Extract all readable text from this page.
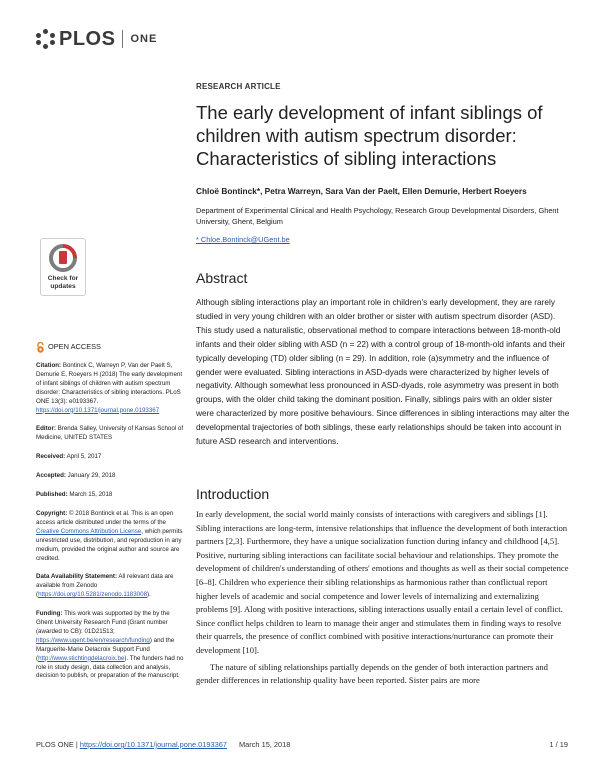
PLOS ONE
Check for
updates
RESEARCH ARTICLE
The early development of infant siblings of children with autism spectrum disorder: Characteristics of sibling interactions
Chloë Bontinck*, Petra Warreyn, Sara Van der Paelt, Ellen Demurie, Herbert Roeyers
Department of Experimental Clinical and Health Psychology, Research Group Developmental Disorders, Ghent University, Ghent, Belgium
* Chloe.Bontinck@UGent.be
Abstract
Although sibling interactions play an important role in children's early development, they are rarely studied in very young children with an older brother or sister with autism spectrum disorder (ASD). This study used a naturalistic, observational method to compare interactions between 18-month-old infants and their older sibling with ASD (n = 22) with a control group of 18-month-old infants and their typically developing (TD) older sibling (n = 29). In addition, role (a)symmetry and the influence of gender were evaluated. Sibling interactions in ASD-dyads were characterized by higher levels of negativity. Although somewhat less pronounced in ASD-dyads, role asymmetry was present in both groups, with the older child taking the dominant position. Finally, siblings pairs with an older sister were characterized by more positive behaviours. Since differences in sibling interactions may alter the developmental trajectories of both siblings, these early relationships should be taken into account in future ASD research and interventions.
Introduction
In early development, the social world mainly consists of interactions with caregivers and siblings [1]. Sibling interactions are long-term, intensive relationships that influence the development of both interaction partners [2,3]. Furthermore, they have a unique socialization function during infancy and childhood [4,5]. Positive, nurturing sibling interactions can facilitate social behaviour and relationships. They promote the development of children's understanding of others' emotions and thoughts as well as their social competence [6–8]. Children who experience their sibling relationships as harmonious rather than conflictual report higher levels of academic and social competence and lower levels of internalizing and externalizing problems [9]. Along with positive interactions, sibling interactions usually entail a certain level of conflict. Since conflict helps children to learn to manage their anger and stimulates them in finding ways to resolve their quarrels, the presence of conflict combined with positive interactions/nurturance can promote their development [10].
The nature of sibling relationships partially depends on the gender of both interaction partners and gender differences in relationship quality have been reported. Sister pairs are more
OPEN ACCESS
Citation: Bontinck C, Warreyn P, Van der Paelt S, Demurie E, Roeyers H (2018) The early development of infant siblings of children with autism spectrum disorder: Characteristics of sibling interactions. PLoS ONE 13(3): e0193367. https://doi.org/10.1371/journal.pone.0193367
Editor: Brenda Salley, University of Kansas School of Medicine, UNITED STATES
Received: April 5, 2017
Accepted: January 29, 2018
Published: March 15, 2018
Copyright: © 2018 Bontinck et al. This is an open access article distributed under the terms of the Creative Commons Attribution License, which permits unrestricted use, distribution, and reproduction in any medium, provided the original author and source are credited.
Data Availability Statement: All relevant data are available from Zenodo (https://doi.org/10.5281/zenodo.1183008).
Funding: This work was supported by the by the Ghent University Research Fund (Grant number (awarded to CB): 01D21513; https://www.ugent.be/en/research/funding) and the Marguerite-Marie Delacroix Support Fund (http://www.stichtingdelacroix.be). The funders had no role in study design, data collection and analysis, decision to publish, or preparation of the manuscript.
PLOS ONE | https://doi.org/10.1371/journal.pone.0193367 March 15, 2018	1 / 19
